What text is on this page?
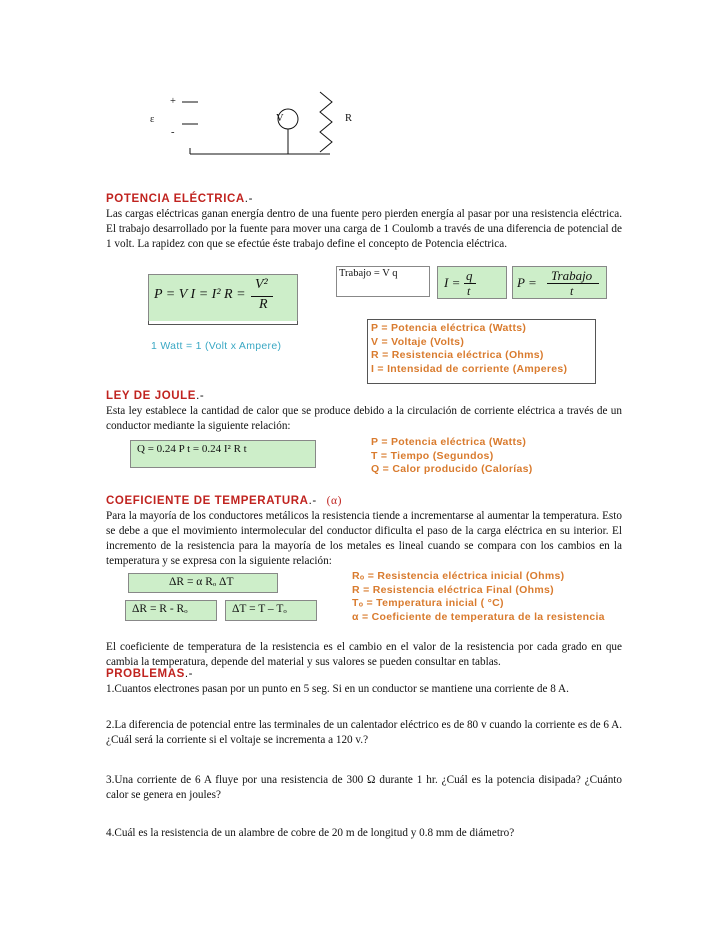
+
ε
-
V	R
POTENCIA ELÉCTRICA.-
Las cargas eléctricas ganan energía dentro de una fuente pero pierden energía al pasar por una resistencia eléctrica. El trabajo desarrollado por la fuente para mover una carga de 1 Coulomb a través de una diferencia de potencial de 1 volt. La rapidez con que se efectúe éste trabajo define el concepto de Potencia eléctrica.
P = V I = I² R =
V²
R
Trabajo = V q
I = q
t
P = Trabajo
t
1 Watt = 1 (Volt x Ampere)
P = Potencia eléctrica (Watts)
V = Voltaje (Volts)
R = Resistencia eléctrica (Ohms)
I = Intensidad de corriente (Amperes)
LEY DE JOULE.-
Esta ley establece la cantidad de calor que se produce debido a la circulación de corriente eléctrica a través de un conductor mediante la siguiente relación:
Q = 0.24 P t = 0.24 I² R t
P = Potencia eléctrica (Watts)
T = Tiempo (Segundos)
Q = Calor producido (Calorías)
COEFICIENTE DE TEMPERATURA.- (α)
Para la mayoría de los conductores metálicos la resistencia tiende a incrementarse al aumentar la temperatura. Esto se debe a que el movimiento intermolecular del conductor dificulta el paso de la carga eléctrica en su interior. El incremento de la resistencia para la mayoría de los metales es lineal cuando se compara con los cambios en la temperatura y se expresa con la siguiente relación:
ΔR = α Rₒ ΔT
ΔR = R - Rₒ	ΔT = T – Tₒ
Rₒ = Resistencia eléctrica inicial (Ohms)
R = Resistencia eléctrica Final (Ohms)
Tₒ = Temperatura inicial ( °C)
α = Coeficiente de temperatura de la resistencia
El coeficiente de temperatura de la resistencia es el cambio en el valor de la resistencia por cada grado en que cambia la temperatura, depende del material y sus valores se pueden consultar en tablas.
PROBLEMAS.-
1.Cuantos electrones pasan por un punto en 5 seg. Si en un conductor se mantiene una corriente de 8 A.
2.La diferencia de potencial entre las terminales de un calentador eléctrico es de 80 v cuando la corriente es de 6 A. ¿Cuál será la corriente si el voltaje se incrementa a 120 v.?
3.Una corriente de 6 A fluye por una resistencia de 300 Ω durante 1 hr. ¿Cuál es la potencia disipada? ¿Cuánto calor se genera en joules?
4.Cuál es la resistencia de un alambre de cobre de 20 m de longitud y 0.8 mm de diámetro?
